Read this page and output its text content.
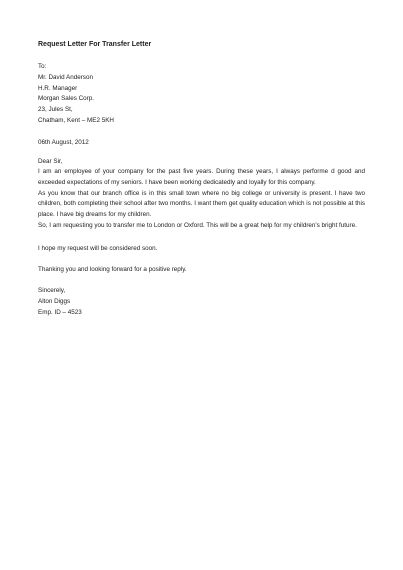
Request Letter For Transfer Letter
To:
Mr. David Anderson
H.R. Manager
Morgan Sales Corp.
23, Jules St,
Chatham, Kent – ME2 5KH
06th August, 2012
Dear Sir,
I am an employee of your company for the past five years. During these years, I always performe d good and exceeded expectations of my seniors. I have been working dedicatedly and loyally for this company.
As you know that our branch office is in this small town where no big college or university is present. I have two children, both completing their school after two months. I want them get quality education which is not possible at this place. I have big dreams for my children.
So, I am requesting you to transfer me to London or Oxford. This will be a great help for my children's bright future.
I hope my request will be considered soon.
Thanking you and looking forward for a positive reply.
Sincerely,
Alton Diggs
Emp. ID – 4523
